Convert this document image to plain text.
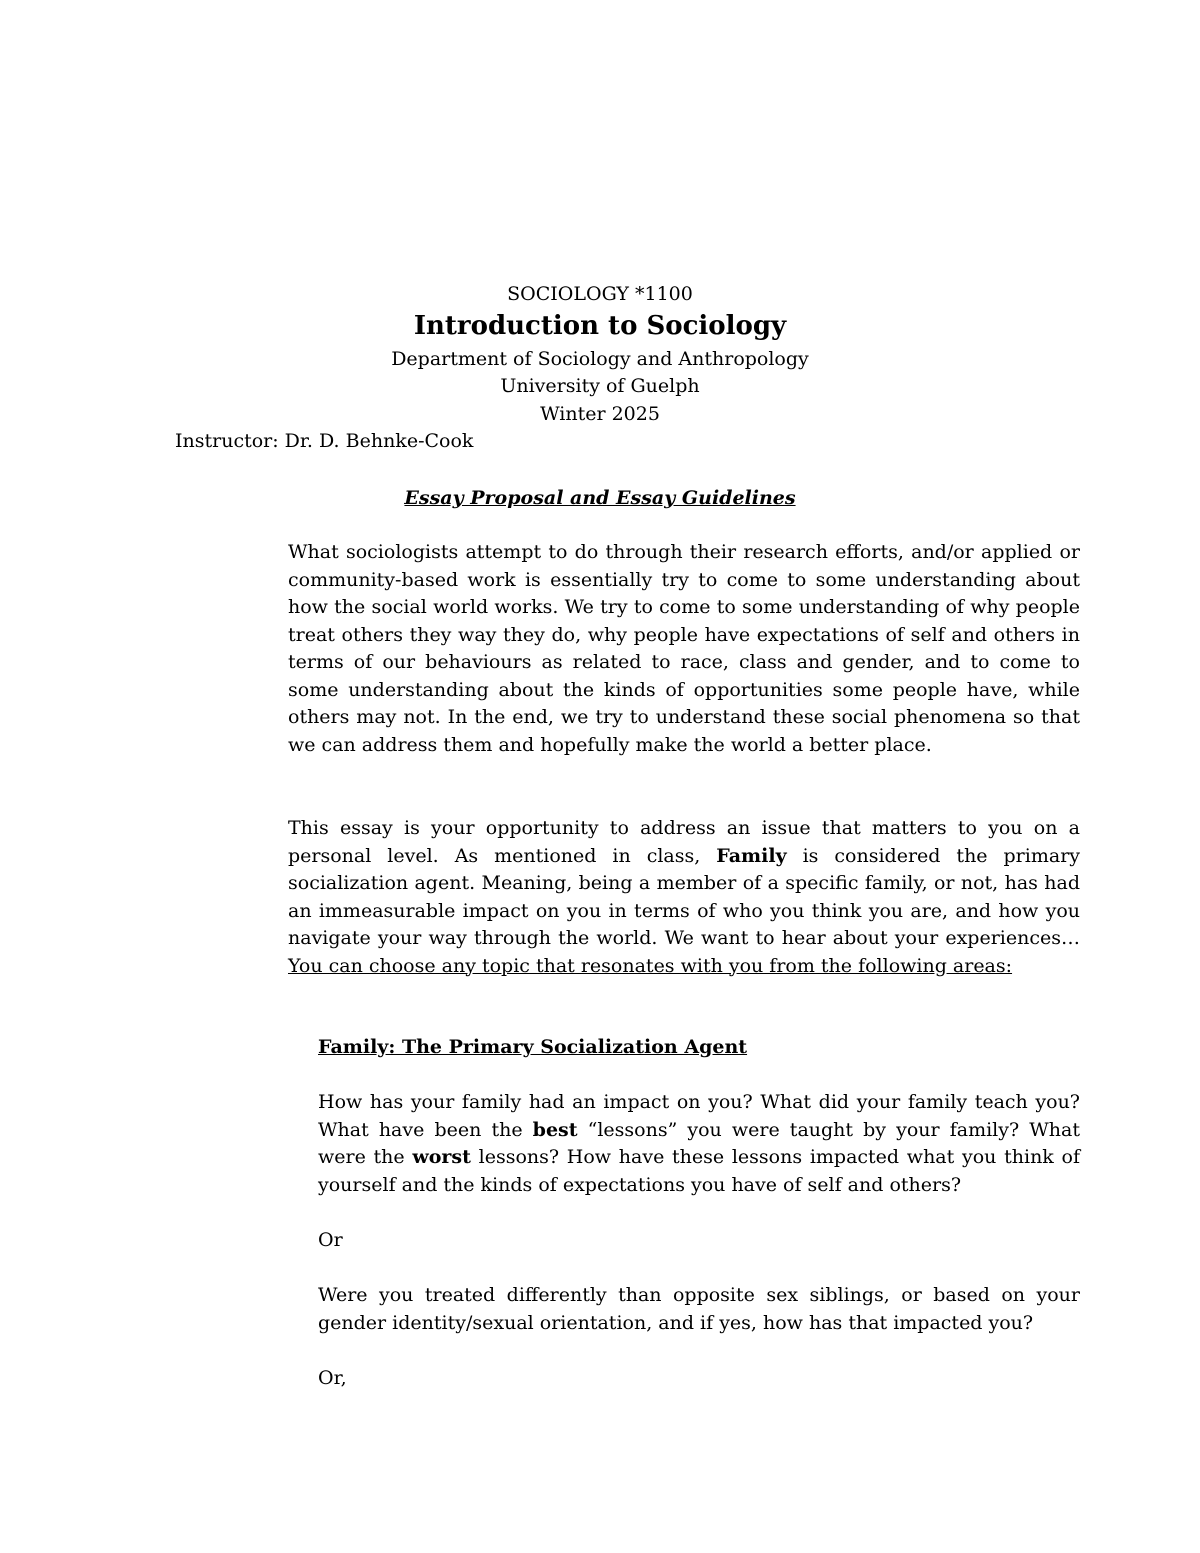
SOCIOLOGY *1100
Introduction to Sociology
Department of Sociology and Anthropology
University of Guelph
Winter 2025
Instructor: Dr. D. Behnke-Cook
Essay Proposal and Essay Guidelines
What sociologists attempt to do through their research efforts, and/or applied or community-based work is essentially try to come to some understanding about how the social world works. We try to come to some understanding of why people treat others they way they do, why people have expectations of self and others in terms of our behaviours as related to race, class and gender, and to come to some understanding about the kinds of opportunities some people have, while others may not. In the end, we try to understand these social phenomena so that we can address them and hopefully make the world a better place.
This essay is your opportunity to address an issue that matters to you on a personal level. As mentioned in class, Family is considered the primary socialization agent. Meaning, being a member of a specific family, or not, has had an immeasurable impact on you in terms of who you think you are, and how you navigate your way through the world. We want to hear about your experiences… You can choose any topic that resonates with you from the following areas:
Family: The Primary Socialization Agent
How has your family had an impact on you? What did your family teach you? What have been the best “lessons” you were taught by your family? What were the worst lessons? How have these lessons impacted what you think of yourself and the kinds of expectations you have of self and others?
Or
Were you treated differently than opposite sex siblings, or based on your gender identity/sexual orientation, and if yes, how has that impacted you?
Or,
